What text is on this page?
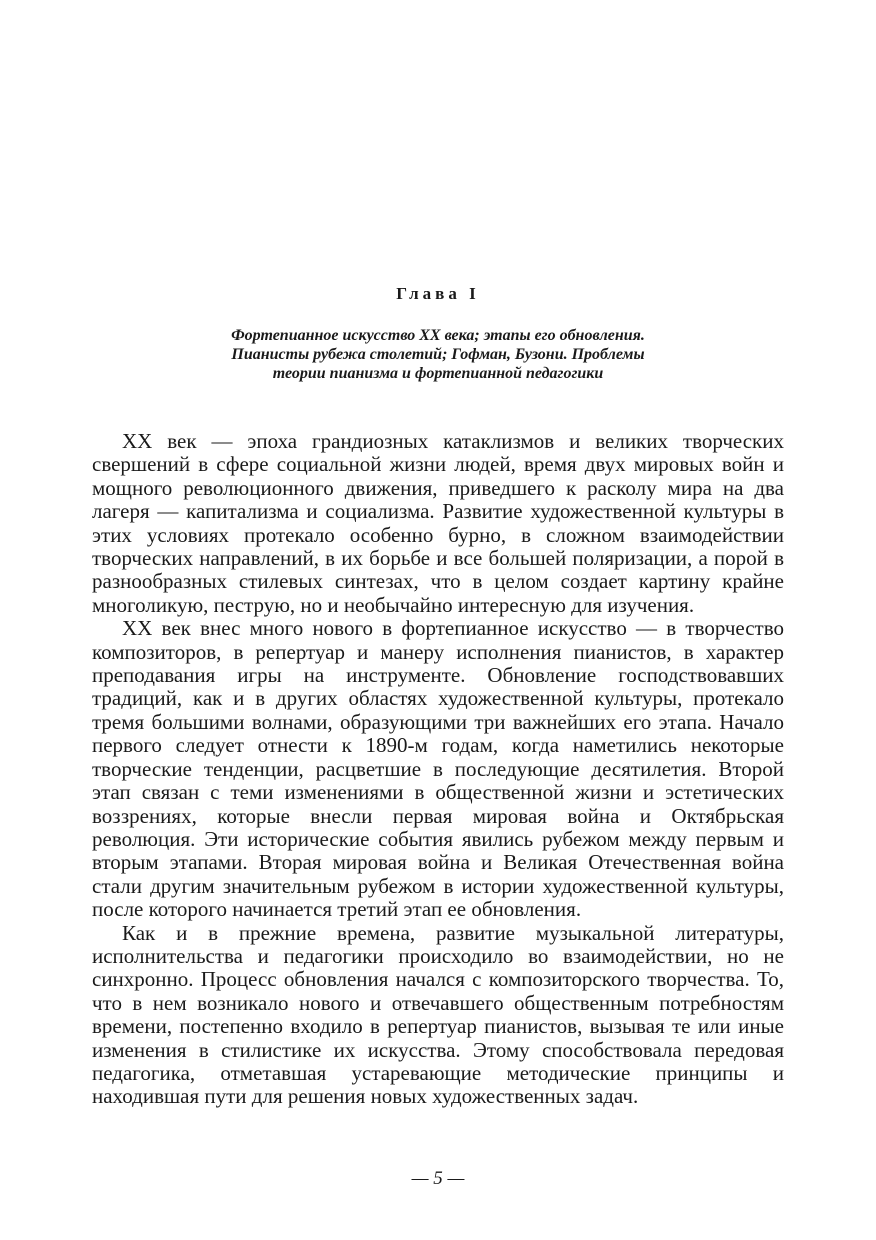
Глава I
Фортепианное искусство XX века; этапы его обновления.
Пианисты рубежа столетий; Гофман, Бузони. Проблемы
теории пианизма и фортепианной педагогики

XX век — эпоха грандиозных катаклизмов и великих творческих свершений в сфере социальной жизни людей, время двух мировых войн и мощного революционного движения, приведшего к расколу мира на два лагеря — капитализма и социализма. Развитие художественной культуры в этих условиях протекало особенно бурно, в сложном взаимодействии творческих направлений, в их борьбе и все большей поляризации, а порой в разнообразных стилевых синтезах, что в целом создает картину крайне многоликую, пеструю, но и необычайно интересную для изучения.

XX век внес много нового в фортепианное искусство — в творчество композиторов, в репертуар и манеру исполнения пианистов, в характер преподавания игры на инструменте. Обновление господствовавших традиций, как и в других областях художественной культуры, протекало тремя большими волнами, образующими три важнейших его этапа. Начало первого следует отнести к 1890-м годам, когда наметились некоторые творческие тенденции, расцветшие в последующие десятилетия. Второй этап связан с теми изменениями в общественной жизни и эстетических воззрениях, которые внесли первая мировая война и Октябрьская революция. Эти исторические события явились рубежом между первым и вторым этапами. Вторая мировая война и Великая Отечественная война стали другим значительным рубежом в истории художественной культуры, после которого начинается третий этап ее обновления.

Как и в прежние времена, развитие музыкальной литературы, исполнительства и педагогики происходило во взаимодействии, но не синхронно. Процесс обновления начался с композиторского творчества. То, что в нем возникало нового и отвечавшего общественным потребностям времени, постепенно входило в репертуар пианистов, вызывая те или иные изменения в стилистике их искусства. Этому способствовала передовая педагогика, отметавшая устаревающие методические принципы и находившая пути для решения новых художественных задач.

— 5 —
